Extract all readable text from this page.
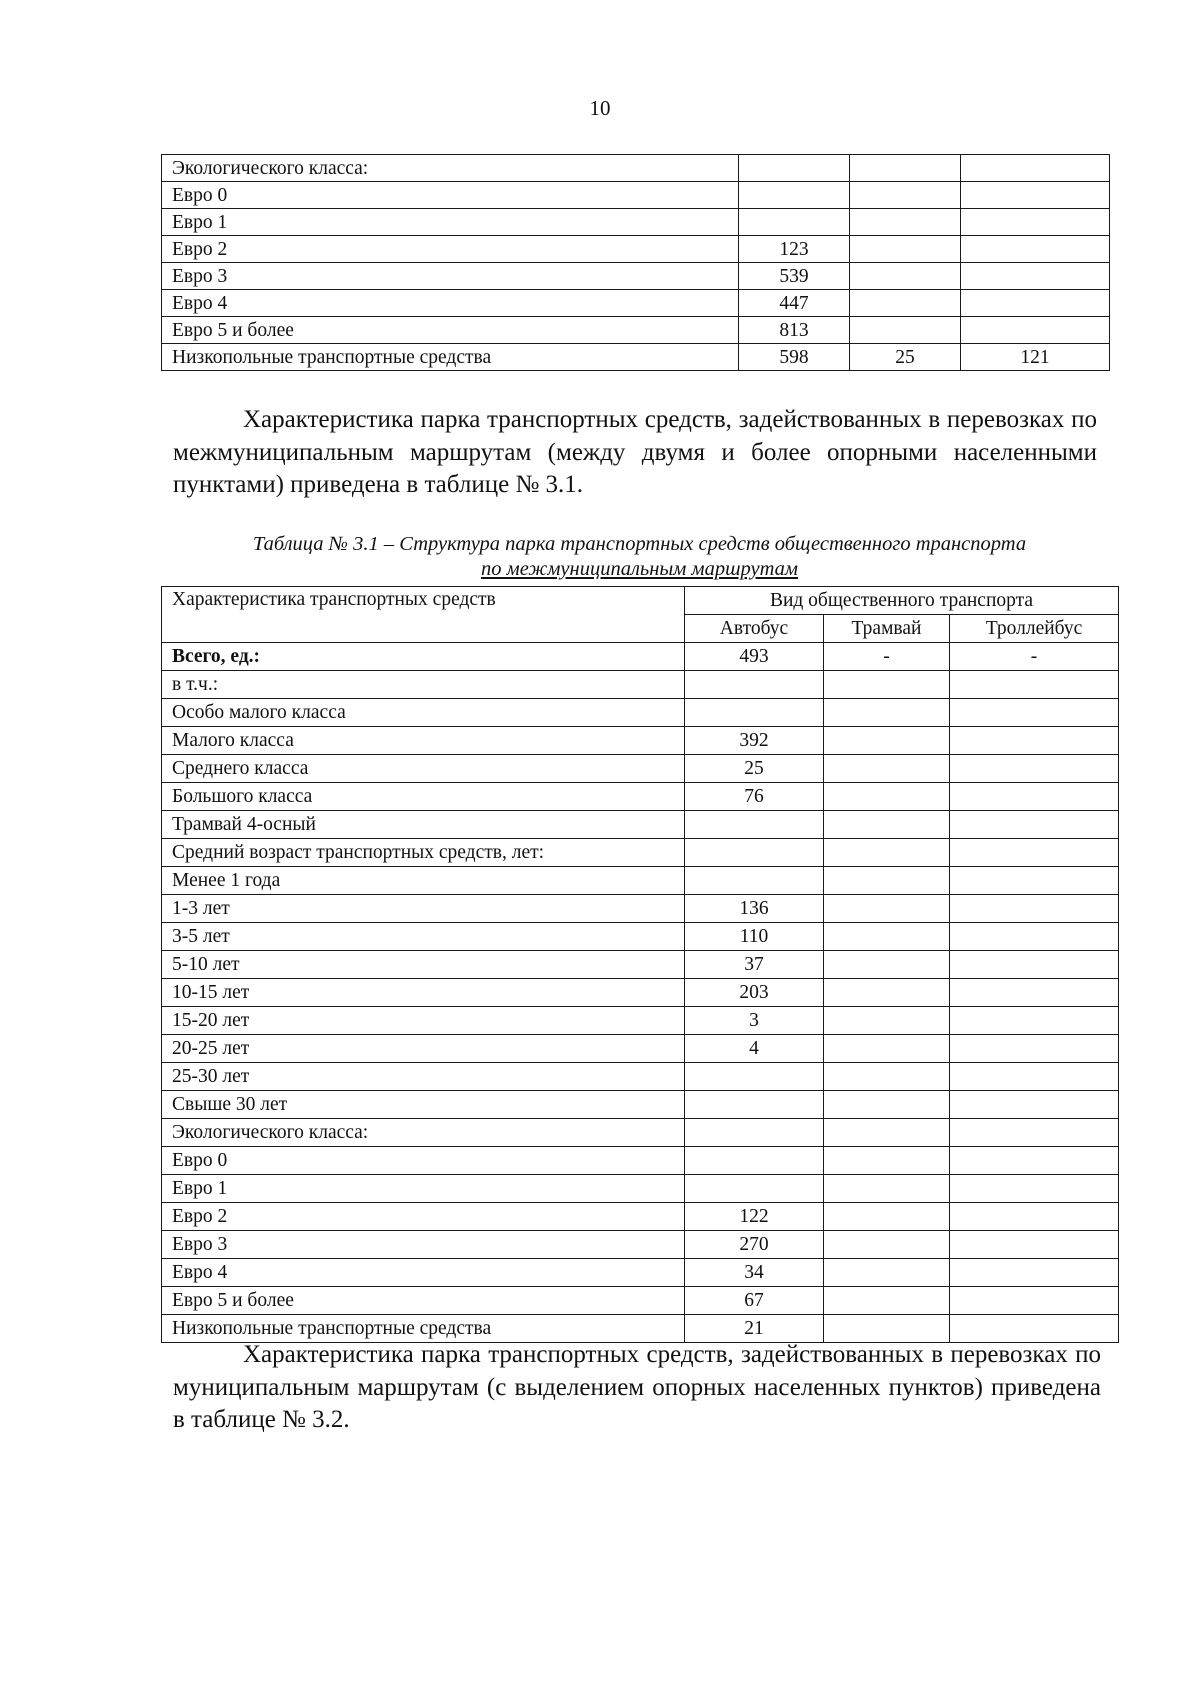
10
Экологического класса:			
Евро 0			
Евро 1			
Евро 2	123		
Евро 3	539		
Евро 4	447		
Евро 5 и более	813		
Низкопольные транспортные средства	598	25	121

Характеристика парка транспортных средств, задействованных в перевозках по межмуниципальным маршрутам (между двумя и более опорными населенными пунктами) приведена в таблице № 3.1.

Таблица № 3.1 – Структура парка транспортных средств общественного транспорта
по межмуниципальным маршрутам
Характеристика транспортных средств	Вид общественного транспорта		
	Автобус	Трамвай	Троллейбус
Всего, ед.:	493	-	-
в т.ч.:			
Особо малого класса			
Малого класса	392		
Среднего класса	25		
Большого класса	76		
Трамвай 4-осный			
Средний возраст транспортных средств, лет:			
Менее 1 года			
1-3 лет	136		
3-5 лет	110		
5-10 лет	37		
10-15 лет	203		
15-20 лет	3		
20-25 лет	4		
25-30 лет			
Свыше 30 лет			
Экологического класса:			
Евро 0			
Евро 1			
Евро 2	122		
Евро 3	270		
Евро 4	34		
Евро 5 и более	67		
Низкопольные транспортные средства	21		

Характеристика парка транспортных средств, задействованных в перевозках по муниципальным маршрутам (с выделением опорных населенных пунктов) приведена в таблице № 3.2.
